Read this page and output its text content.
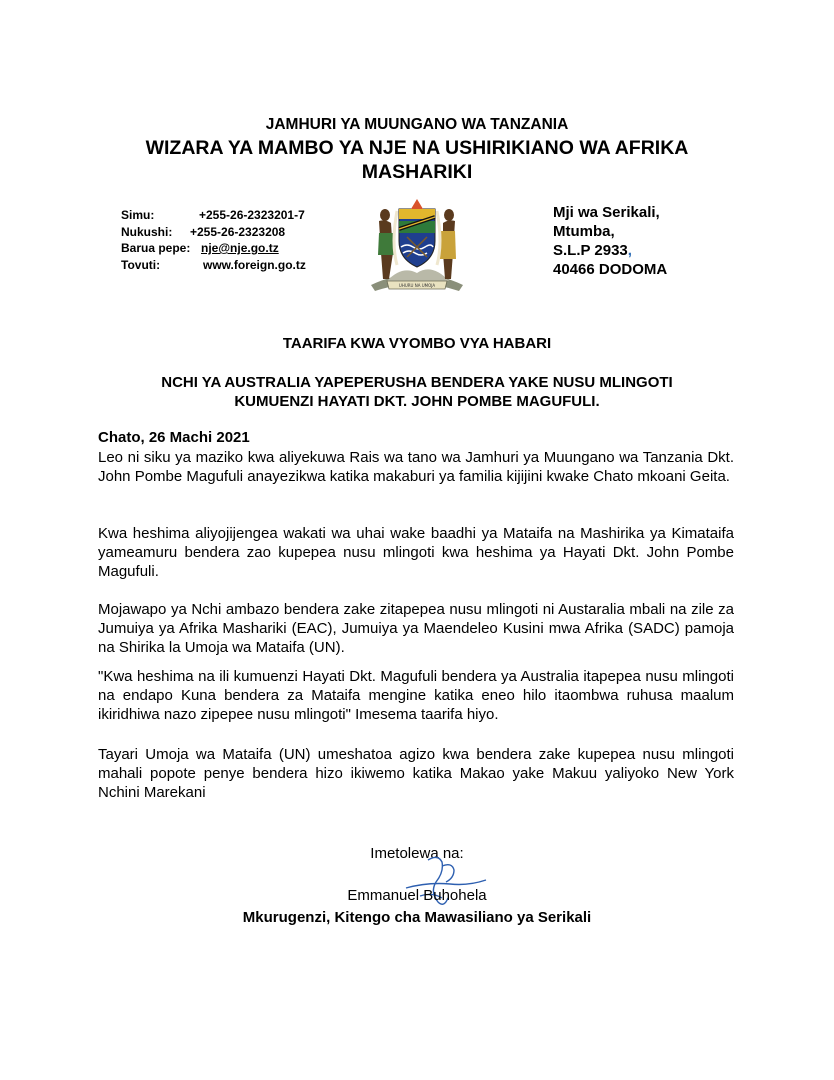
JAMHURI YA MUUNGANO WA TANZANIA
WIZARA YA MAMBO YA NJE NA USHIRIKIANO WA AFRIKA
MASHARIKI
Simu:	+255-26-2323201-7
Nukushi: +255-26-2323208
Barua pepe: nje@nje.go.tz
Tovuti:	www.foreign.go.tz
UHURU NA UMOJA
Mji wa Serikali,
Mtumba,
S.L.P 2933,
40466 DODOMA
TAARIFA KWA VYOMBO VYA HABARI
NCHI YA AUSTRALIA YAPEPERUSHA BENDERA YAKE NUSU MLINGOTI
KUMUENZI HAYATI DKT. JOHN POMBE MAGUFULI.
Chato, 26 Machi 2021

Leo ni siku ya maziko kwa aliyekuwa Rais wa tano wa Jamhuri ya Muungano wa Tanzania Dkt. John Pombe Magufuli anayezikwa katika makaburi ya familia kijijini kwake Chato mkoani Geita.

Kwa heshima aliyojijengea wakati wa uhai wake baadhi ya Mataifa na Mashirika ya Kimataifa yameamuru bendera zao kupepea nusu mlingoti kwa heshima ya Hayati Dkt. John Pombe Magufuli.

Mojawapo ya Nchi ambazo bendera zake zitapepea nusu mlingoti ni Austaralia mbali na zile za Jumuiya ya Afrika Mashariki (EAC), Jumuiya ya Maendeleo Kusini mwa Afrika (SADC) pamoja na Shirika la Umoja wa Mataifa (UN).

"Kwa heshima na ili kumuenzi Hayati Dkt. Magufuli bendera ya Australia itapepea nusu mlingoti na endapo Kuna bendera za Mataifa mengine katika eneo hilo itaombwa ruhusa maalum ikiridhiwa nazo zipepee nusu mlingoti" Imesema taarifa hiyo.

Tayari Umoja wa Mataifa (UN) umeshatoa agizo kwa bendera zake kupepea nusu mlingoti mahali popote penye bendera hizo ikiwemo katika Makao yake Makuu yaliyoko New York Nchini Marekani

Imetolewa na:
Emmanuel Buhohela
Mkurugenzi, Kitengo cha Mawasiliano ya Serikali
